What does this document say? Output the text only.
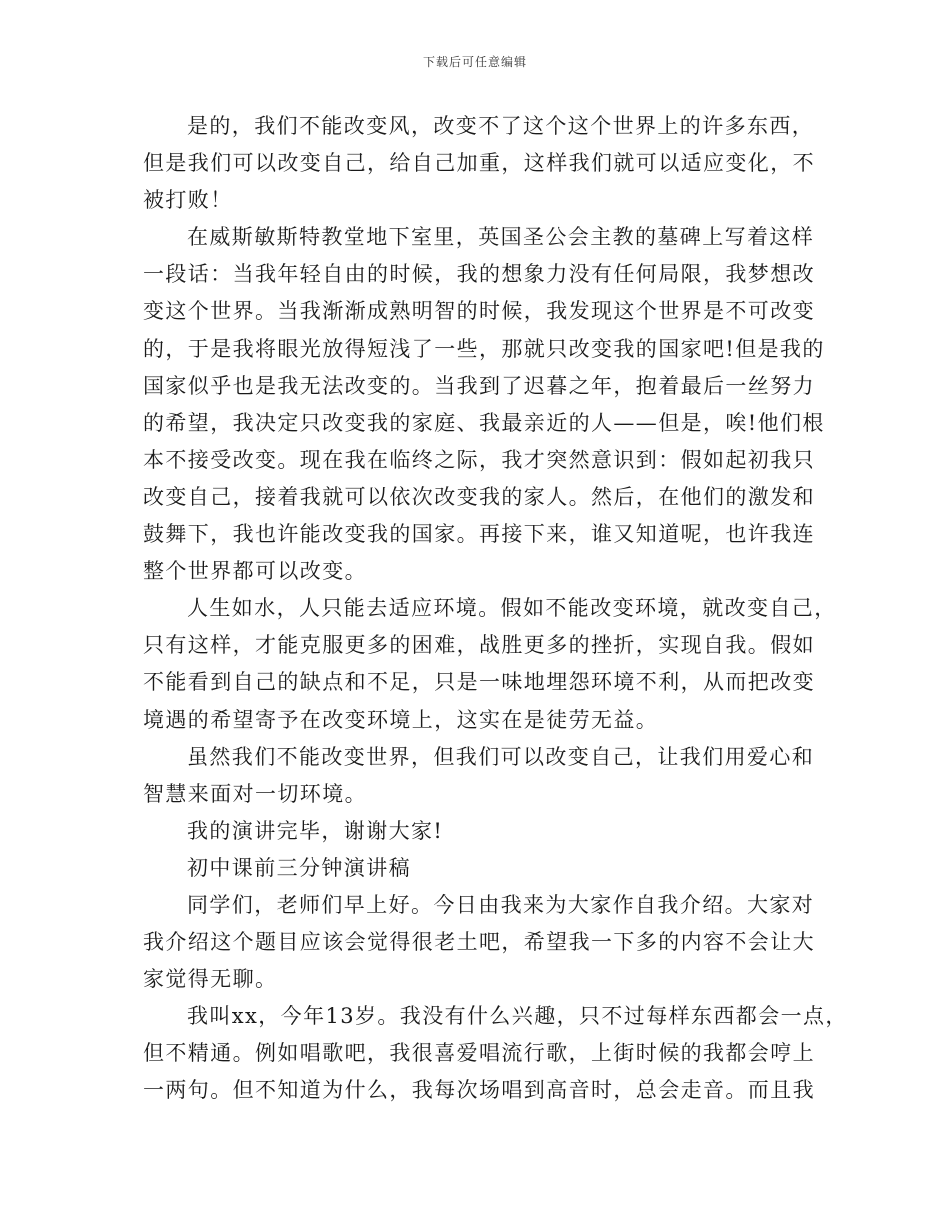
下载后可任意编辑
是的，我们不能改变风，改变不了这个这个世界上的许多东西，
但是我们可以改变自己，给自己加重，这样我们就可以适应变化，不
被打败！
在威斯敏斯特教堂地下室里，英国圣公会主教的墓碑上写着这样
一段话：当我年轻自由的时候，我的想象力没有任何局限，我梦想改
变这个世界。当我渐渐成熟明智的时候，我发现这个世界是不可改变
的，于是我将眼光放得短浅了一些，那就只改变我的国家吧!但是我的
国家似乎也是我无法改变的。当我到了迟暮之年，抱着最后一丝努力
的希望，我决定只改变我的家庭、我最亲近的人——但是，唉!他们根
本不接受改变。现在我在临终之际，我才突然意识到：假如起初我只
改变自己，接着我就可以依次改变我的家人。然后，在他们的激发和
鼓舞下，我也许能改变我的国家。再接下来，谁又知道呢，也许我连
整个世界都可以改变。
人生如水，人只能去适应环境。假如不能改变环境，就改变自己，
只有这样，才能克服更多的困难，战胜更多的挫折，实现自我。假如
不能看到自己的缺点和不足，只是一味地埋怨环境不利，从而把改变
境遇的希望寄予在改变环境上，这实在是徒劳无益。
虽然我们不能改变世界，但我们可以改变自己，让我们用爱心和
智慧来面对一切环境。
我的演讲完毕，谢谢大家!
初中课前三分钟演讲稿
同学们，老师们早上好。今日由我来为大家作自我介绍。大家对
我介绍这个题目应该会觉得很老土吧，希望我一下多的内容不会让大
家觉得无聊。
我叫xx，今年13岁。我没有什么兴趣，只不过每样东西都会一点，
但不精通。例如唱歌吧，我很喜爱唱流行歌，上街时候的我都会哼上
一两句。但不知道为什么，我每次场唱到高音时，总会走音。而且我
